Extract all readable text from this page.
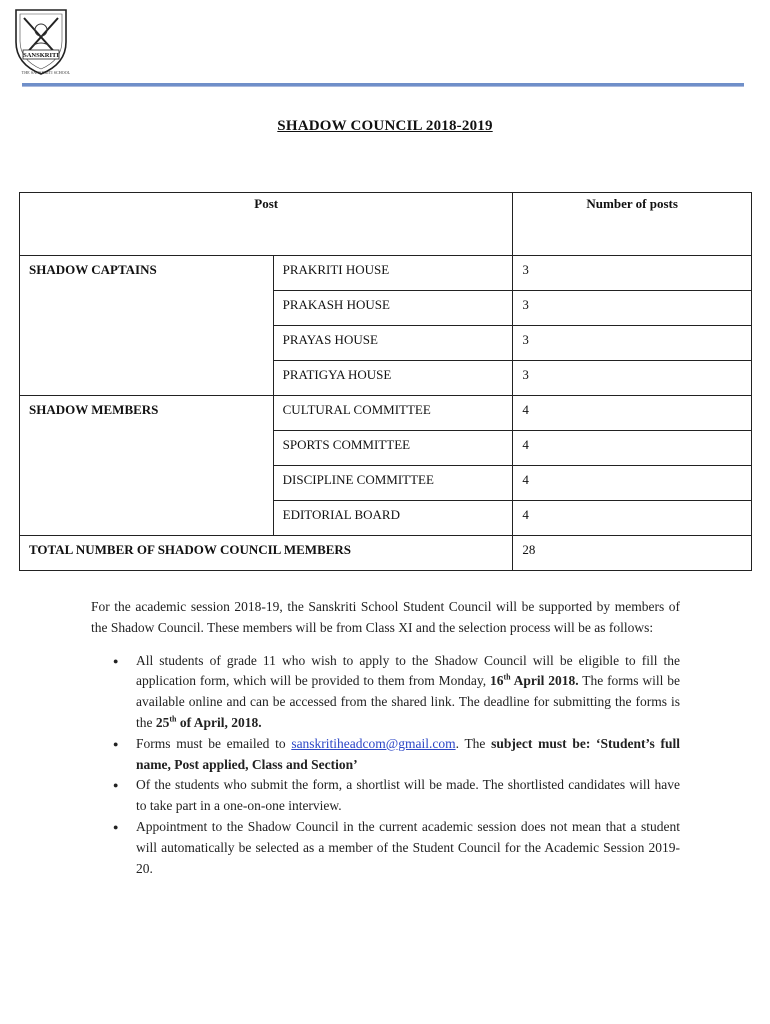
SANSKRITI
THE SANSKRITI SCHOOL
SHADOW COUNCIL 2018-2019
Post		Number of posts
SHADOW CAPTAINS	PRAKRITI HOUSE	3
	PRAKASH HOUSE	3
	PRAYAS HOUSE	3
	PRATIGYA HOUSE	3
SHADOW MEMBERS	CULTURAL COMMITTEE	4
	SPORTS COMMITTEE	4
	DISCIPLINE COMMITTEE	4
	EDITORIAL BOARD	4
TOTAL NUMBER OF SHADOW COUNCIL MEMBERS		28

For the academic session 2018-19, the Sanskriti School Student Council will be supported by members of the Shadow Council. These members will be from Class XI and the selection process will be as follows:

● All students of grade 11 who wish to apply to the Shadow Council will be eligible to fill the application form, which will be provided to them from Monday, 16th April 2018. The forms will be available online and can be accessed from the shared link. The deadline for submitting the forms is the 25th of April, 2018.
● Forms must be emailed to sanskritiheadcom@gmail.com. The subject must be: ‘Student’s full name, Post applied, Class and Section’
● Of the students who submit the form, a shortlist will be made. The shortlisted candidates will have to take part in a one-on-one interview.
● Appointment to the Shadow Council in the current academic session does not mean that a student will automatically be selected as a member of the Student Council for the Academic Session 2019-20.
